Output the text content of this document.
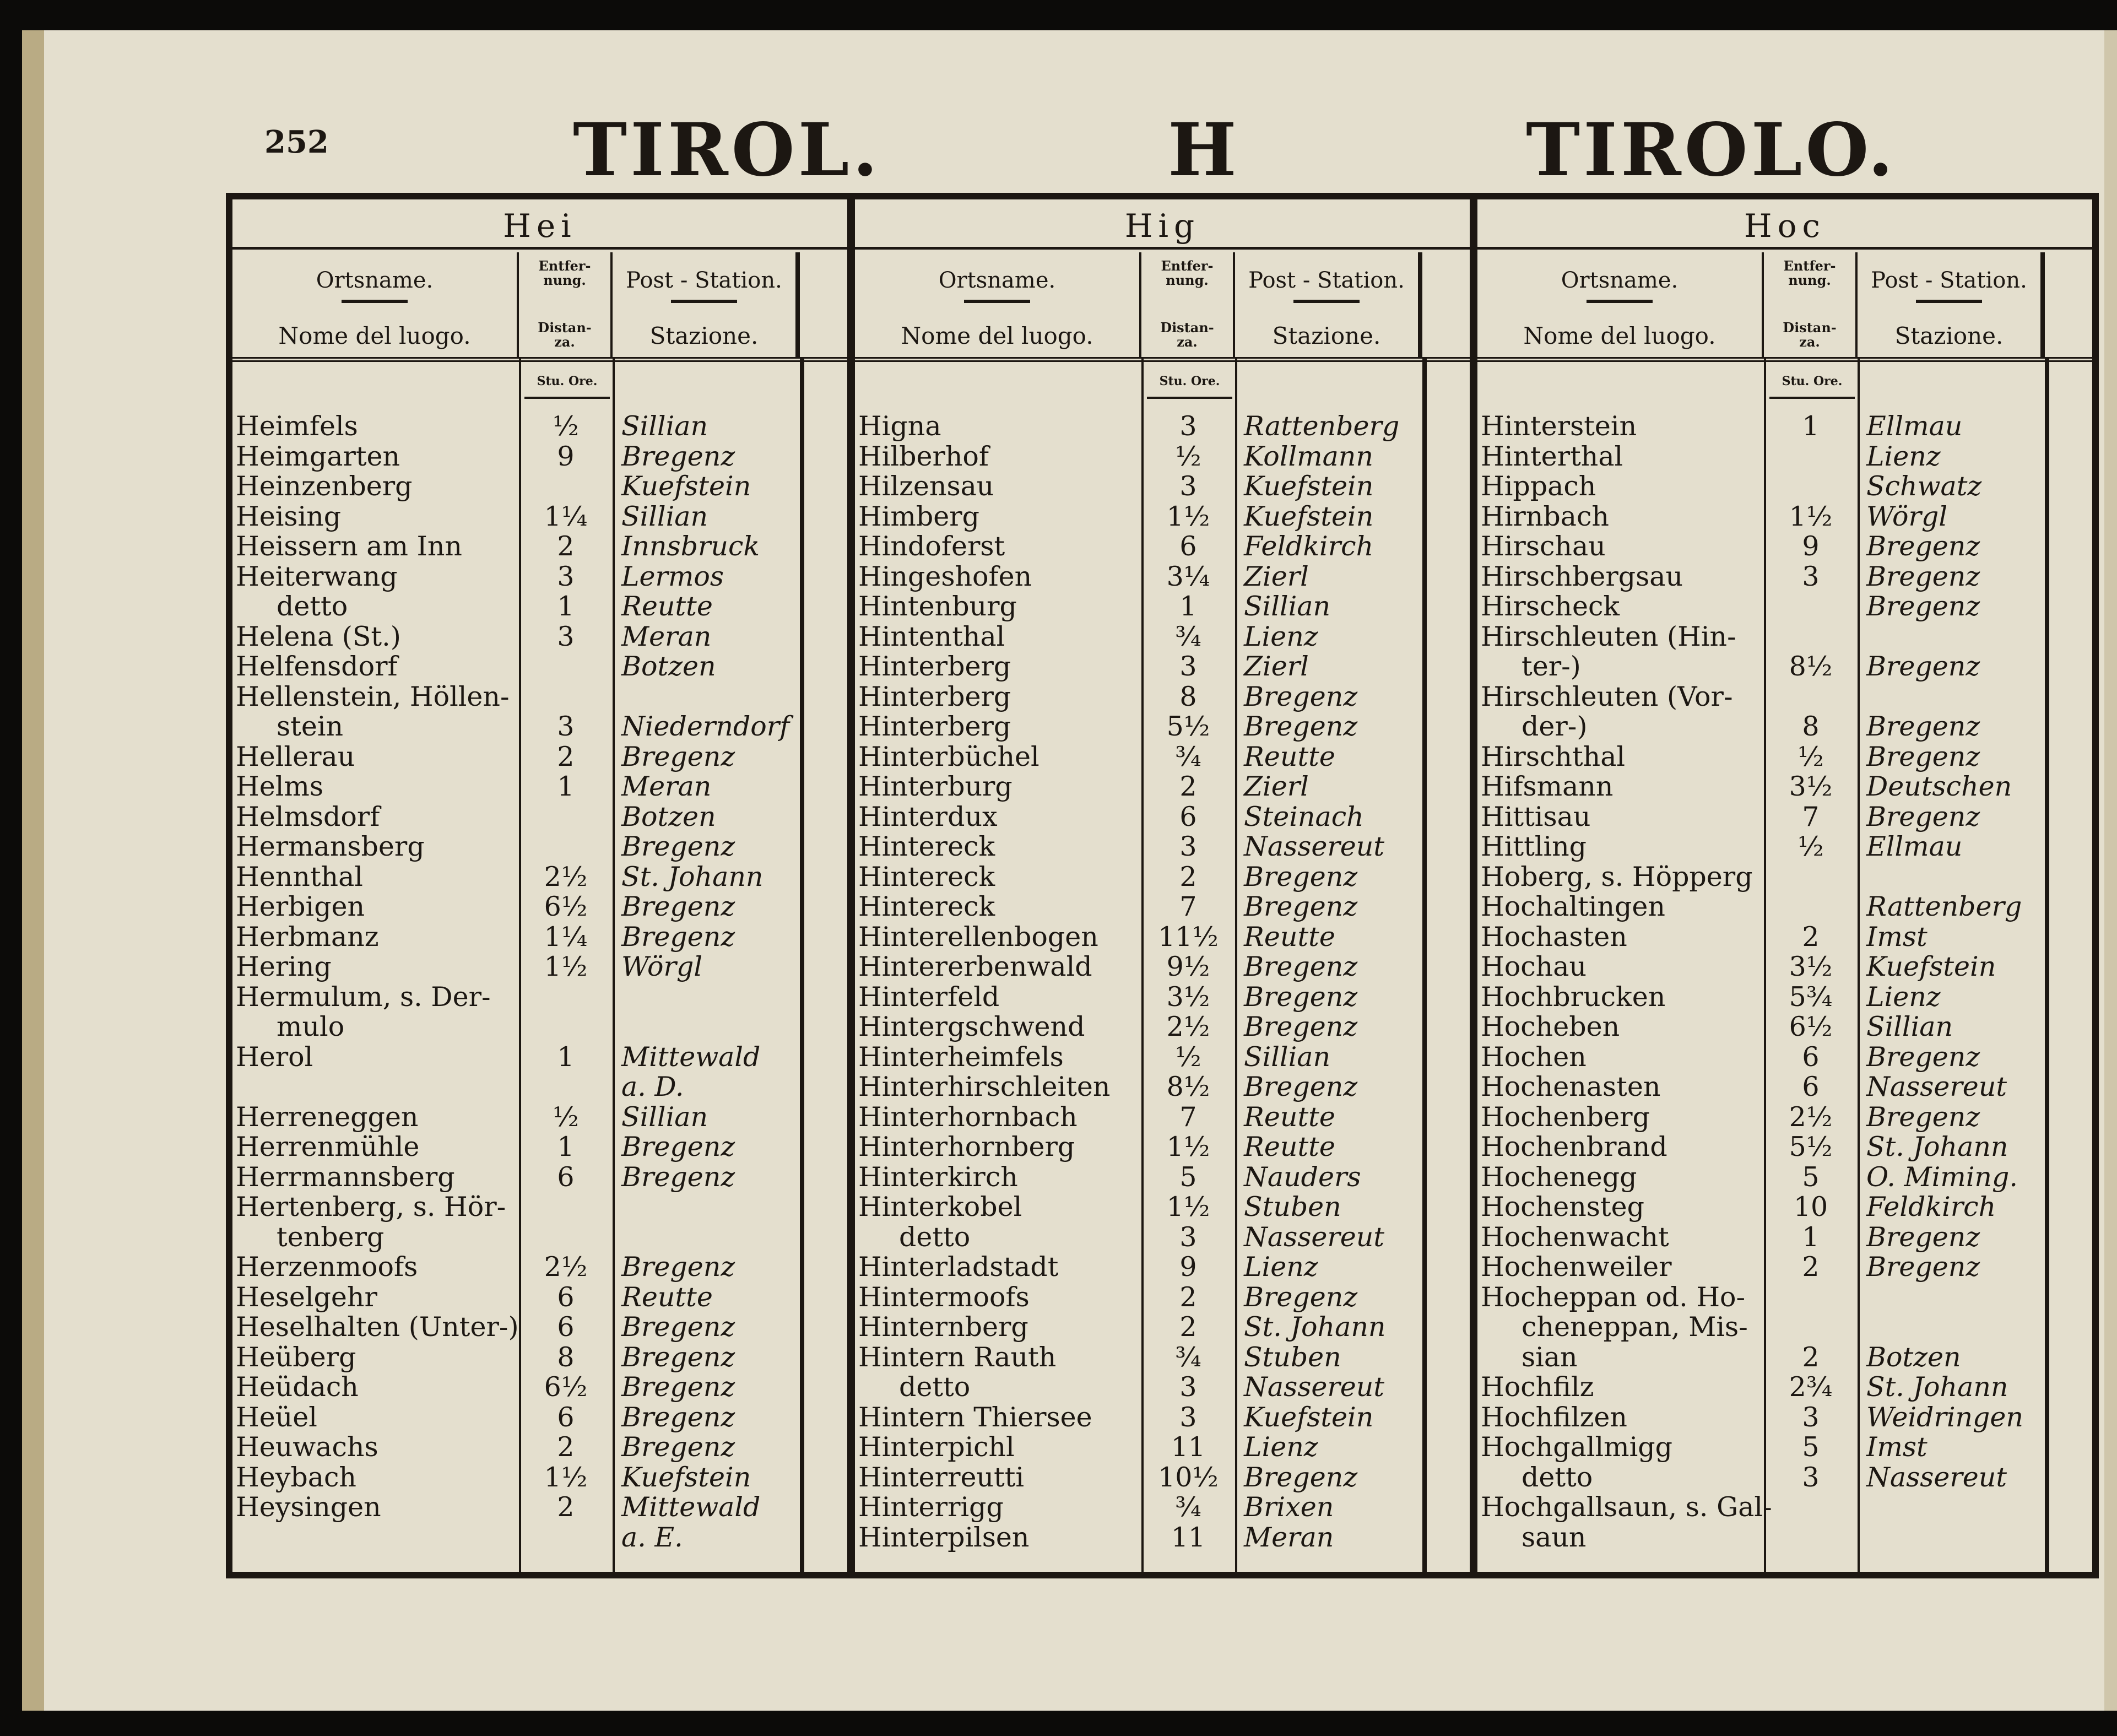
252	TIROL.	H	TIROLO.
Hei
Ortsname.
Nome del luogo.
Entfer-
nung.
Distan-
za.
Post - Station.
Stazione.
Stu. Ore.
Heimfels	½	Sillian
Heimgarten	9	Bregenz
Heinzenberg	Kuefstein
Heising	1¼	Sillian
Heissern am Inn	2	Innsbruck
Heiterwang	3	Lermos
detto	1	Reutte
Helena (St.)	3	Meran
Helfensdorf	Botzen
Hellenstein, Höllen-
stein	3	Niederndorf
Hellerau	2	Bregenz
Helms	1	Meran
Helmsdorf	Botzen
Hermansberg	Bregenz
Hennthal	2½	St. Johann
Herbigen	6½	Bregenz
Herbmanz	1¼	Bregenz
Hering	1½	Wörgl
Hermulum, s. Der-
mulo
Herol	1	Mittewald
a. D.
Herreneggen	½	Sillian
Herrenmühle	1	Bregenz
Herrmannsberg	6	Bregenz
Hertenberg, s. Hör-
tenberg
Herzenmoofs	2½	Bregenz
Heselgehr	6	Reutte
Heselhalten (Unter-)	6	Bregenz
Heüberg	8	Bregenz
Heüdach	6½	Bregenz
Heüel	6	Bregenz
Heuwachs	2	Bregenz
Heybach	1½	Kuefstein
Heysingen	2	Mittewald
a. E.
Hig
Ortsname.
Nome del luogo.
Entfer-
nung.
Distan-
za.
Post - Station.
Stazione.
Stu. Ore.
Higna	3	Rattenberg
Hilberhof	½	Kollmann
Hilzensau	3	Kuefstein
Himberg	1½	Kuefstein
Hindoferst	6	Feldkirch
Hingeshofen	3¼	Zierl
Hintenburg	1	Sillian
Hintenthal	¾	Lienz
Hinterberg	3	Zierl
Hinterberg	8	Bregenz
Hinterberg	5½	Bregenz
Hinterbüchel	¾	Reutte
Hinterburg	2	Zierl
Hinterdux	6	Steinach
Hintereck	3	Nassereut
Hintereck	2	Bregenz
Hintereck	7	Bregenz
Hinterellenbogen	11½ Reutte
Hintererbenwald	9½	Bregenz
Hinterfeld	3½	Bregenz
Hintergschwend	2½	Bregenz
Hinterheimfels	½	Sillian
Hinterhirschleiten	8½	Bregenz
Hinterhornbach	7	Reutte
Hinterhornberg	1½	Reutte
Hinterkirch	5	Nauders
Hinterkobel	1½	Stuben
detto	3	Nassereut
Hinterladstadt	9	Lienz
Hintermoofs	2	Bregenz
Hinternberg	2	St. Johann
Hintern Rauth	¾	Stuben
detto	3	Nassereut
Hintern Thiersee	3	Kuefstein
Hinterpichl	11	Lienz
Hinterreutti	10½ Bregenz
Hinterrigg	¾	Brixen
Hinterpilsen	11	Meran
Hoc
Ortsname.
Nome del luogo.
Entfer-
nung.
Distan-
za.
Post - Station.
Stazione.
Stu. Ore.
Hinterstein	1	Ellmau
Hinterthal	Lienz
Hippach	Schwatz
Hirnbach	1½	Wörgl
Hirschau	9	Bregenz
Hirschbergsau	3	Bregenz
Hirscheck	Bregenz
Hirschleuten (Hin-
ter-)	8½	Bregenz
Hirschleuten (Vor-
der-)	8	Bregenz
Hirschthal	½	Bregenz
Hifsmann	3½	Deutschen
Hittisau	7	Bregenz
Hittling	½	Ellmau
Hoberg, s. Höpperg
Hochaltingen	Rattenberg
Hochasten	2	Imst
Hochau	3½	Kuefstein
Hochbrucken	5¾	Lienz
Hocheben	6½	Sillian
Hochen	6	Bregenz
Hochenasten	6	Nassereut
Hochenberg	2½	Bregenz
Hochenbrand	5½	St. Johann
Hochenegg	5	O. Miming.
Hochensteg	10	Feldkirch
Hochenwacht	1	Bregenz
Hochenweiler	2	Bregenz
Hocheppan od. Ho-
cheneppan, Mis-
sian	2	Botzen
Hochfilz	2¾	St. Johann
Hochfilzen	3	Weidringen
Hochgallmigg	5	Imst
detto	3	Nassereut
Hochgallsaun, s. Gal-
saun
